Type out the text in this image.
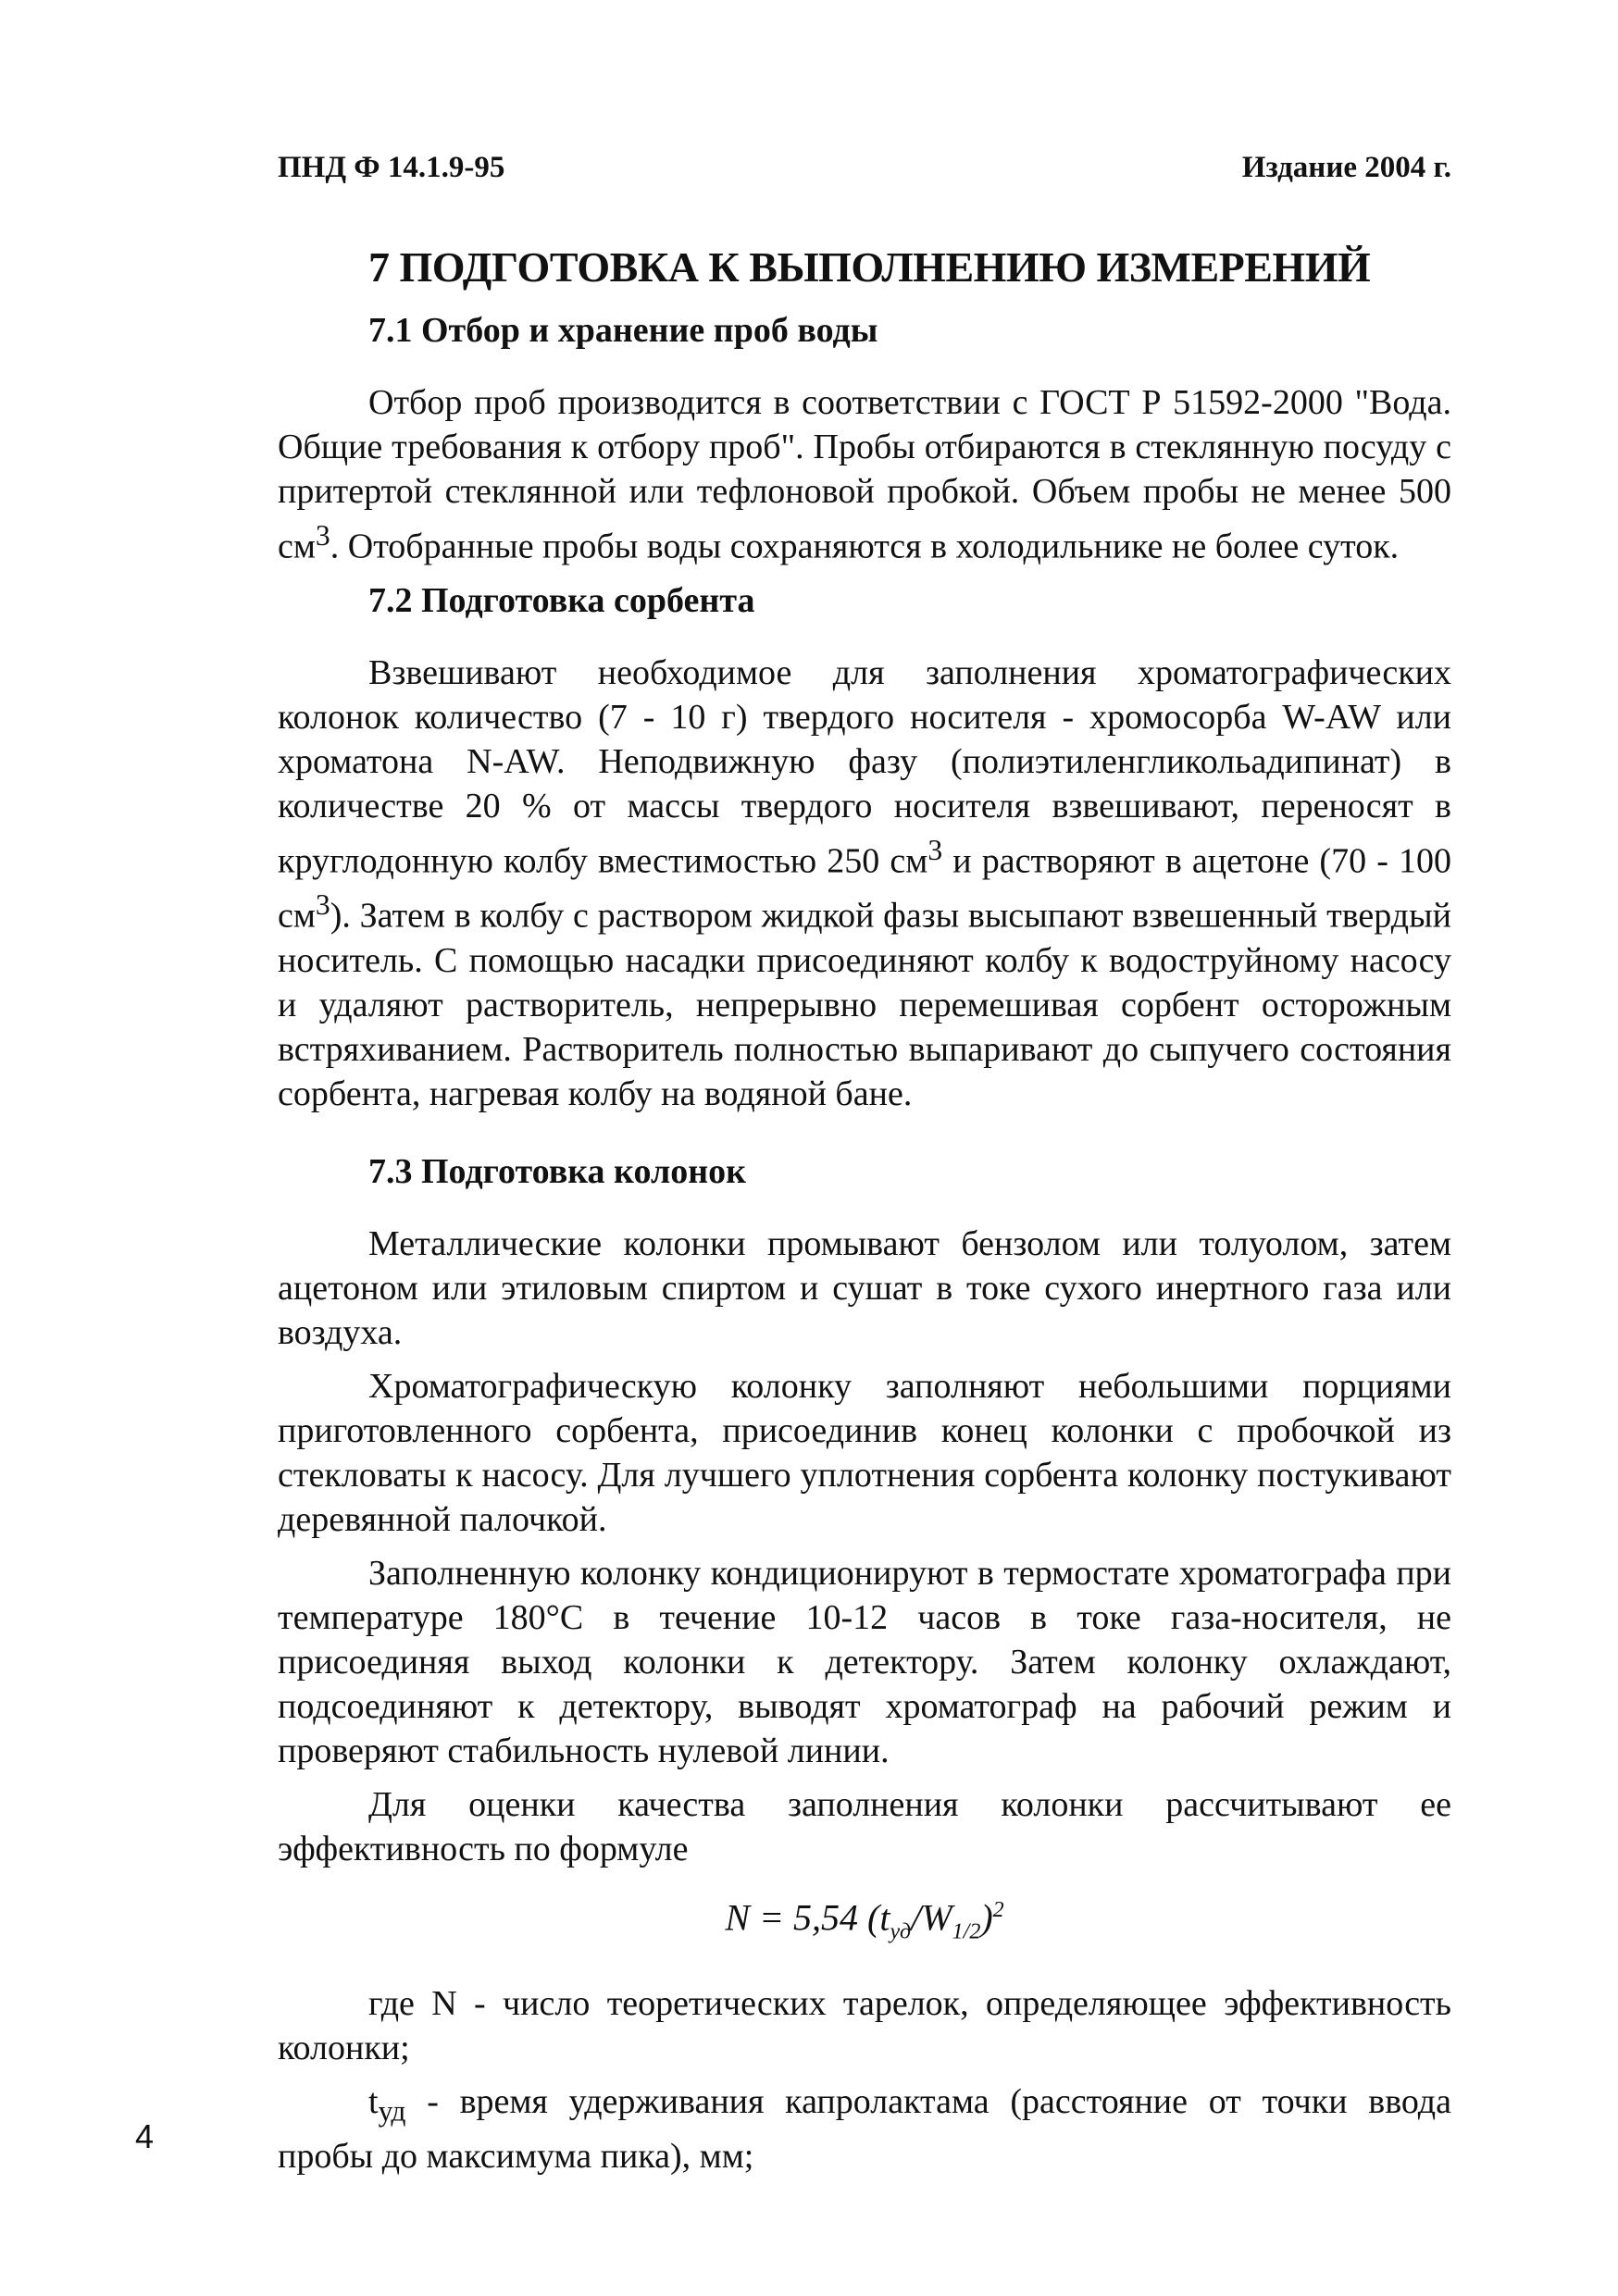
ПНД Ф 14.1.9-95	Издание 2004 г.
7 ПОДГОТОВКА К ВЫПОЛНЕНИЮ ИЗМЕРЕНИЙ
7.1 Отбор и хранение проб воды

Отбор проб производится в соответствии с ГОСТ Р 51592-2000 "Вода. Общие требования к отбору проб". Пробы отбираются в стеклянную посуду с притертой стеклянной или тефлоновой пробкой. Объем пробы не менее 500 $см^3$. Отобранные пробы воды сохраняются в холодильнике не более суток.

7.2 Подготовка сорбента

Взвешивают необходимое для заполнения хроматографических колонок количество (7 - 10 г) твердого носителя - хромосорба W-AW или хроматона N-AW. Неподвижную фазу (полиэтиленгликольадипинат) в количестве 20 % от массы твердого носителя взвешивают, переносят в круглодонную колбу вместимостью 250 $см^3$ и растворяют в ацетоне (70 - 100 $см^3$). Затем в колбу с раствором жидкой фазы высыпают взвешенный твердый носитель. С помощью насадки присоединяют колбу к водоструйному насосу и удаляют растворитель, непрерывно перемешивая сорбент осторожным встряхиванием. Растворитель полностью выпаривают до сыпучего состояния сорбента, нагревая колбу на водяной бане.

7.3 Подготовка колонок

Металлические колонки промывают бензолом или толуолом, затем ацетоном или этиловым спиртом и сушат в токе сухого инертного газа или воздуха.

Хроматографическую колонку заполняют небольшими порциями приготовленного сорбента, присоединив конец колонки с пробочкой из стекловаты к насосу. Для лучшего уплотнения сорбента колонку постукивают деревянной палочкой.

Заполненную колонку кондиционируют в термостате хроматографа при температуре 180°С в течение 10-12 часов в токе газа-носителя, не присоединяя выход колонки к детектору. Затем колонку охлаждают, подсоединяют к детектору, выводят хроматограф на рабочий режим и проверяют стабильность нулевой линии.

Для оценки качества заполнения колонки рассчитывают ее эффективность по формуле

N = 5,54 $(t_{уд}/W_{1/2})^2$

где N - число теоретических тарелок, определяющее эффективность колонки;

$t_{уд}$ - время удерживания капролактама (расстояние от точки ввода пробы до максимума пика), мм;

4
